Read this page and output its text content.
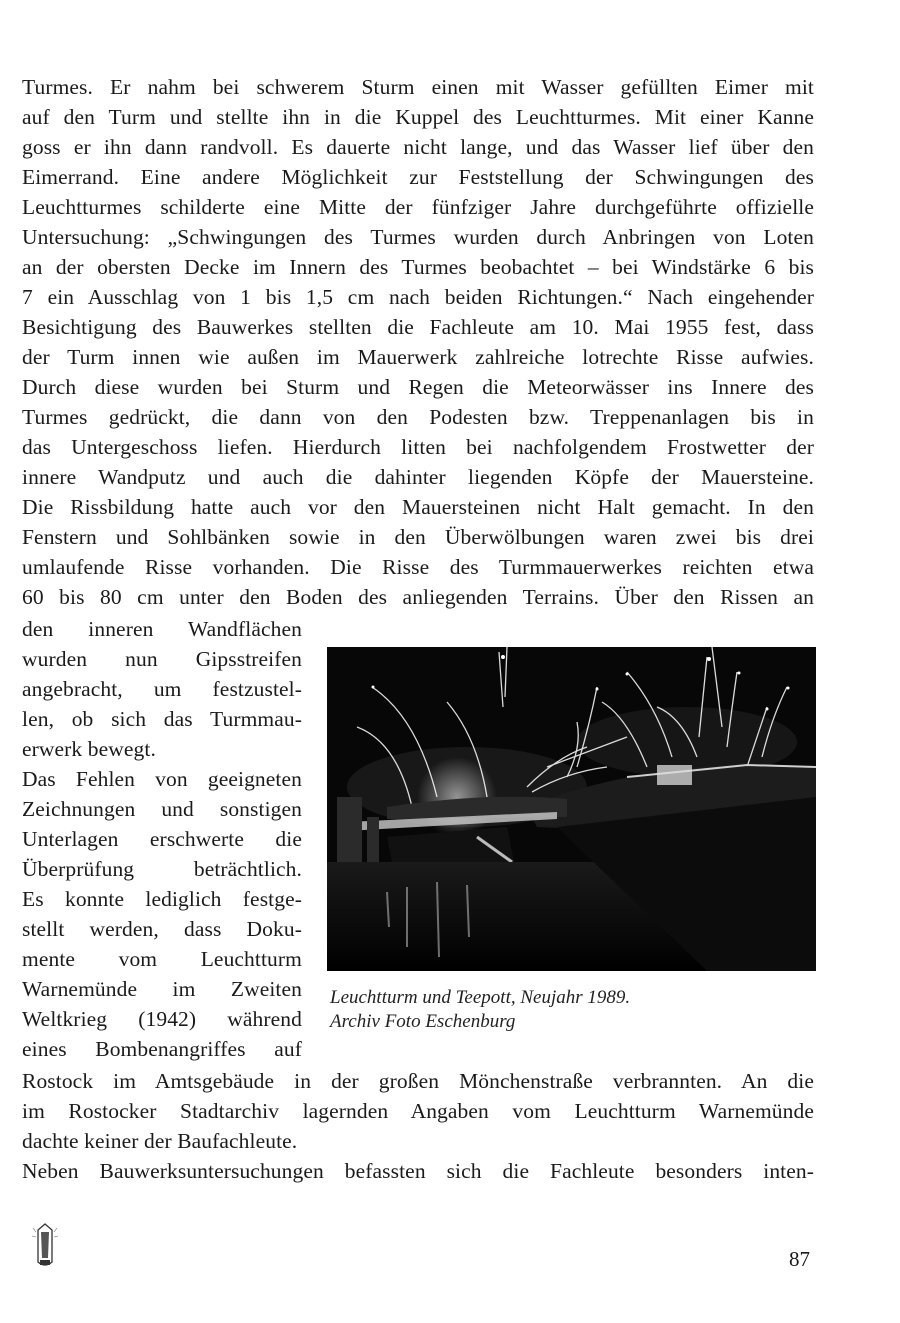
Turmes. Er nahm bei schwerem Sturm einen mit Wasser gefüllten Eimer mit
auf den Turm und stellte ihn in die Kuppel des Leuchtturmes. Mit einer Kanne
goss er ihn dann randvoll. Es dauerte nicht lange, und das Wasser lief über den
Eimerrand. Eine andere Möglichkeit zur Feststellung der Schwingungen des
Leuchtturmes schilderte eine Mitte der fünfziger Jahre durchgeführte offizielle
Untersuchung: „Schwingungen des Turmes wurden durch Anbringen von Loten
an der obersten Decke im Innern des Turmes beobachtet – bei Windstärke 6 bis
7 ein Ausschlag von 1 bis 1,5 cm nach beiden Richtungen.“ Nach eingehender
Besichtigung des Bauwerkes stellten die Fachleute am 10. Mai 1955 fest, dass
der Turm innen wie außen im Mauerwerk zahlreiche lotrechte Risse aufwies.
Durch diese wurden bei Sturm und Regen die Meteorwässer ins Innere des
Turmes gedrückt, die dann von den Podesten bzw. Treppenanlagen bis in
das Untergeschoss liefen. Hierdurch litten bei nachfolgendem Frostwetter der
innere Wandputz und auch die dahinter liegenden Köpfe der Mauersteine.
Die Rissbildung hatte auch vor den Mauersteinen nicht Halt gemacht. In den
Fenstern und Sohlbänken sowie in den Überwölbungen waren zwei bis drei
umlaufende Risse vorhanden. Die Risse des Turmmauerwerkes reichten etwa
60 bis 80 cm unter den Boden des anliegenden Terrains. Über den Rissen an
den inneren Wandflächen
wurden nun Gipsstreifen
angebracht, um festzustel-
len, ob sich das Turmmau-
erwerk bewegt.
Das Fehlen von geeigneten
Zeichnungen und sonstigen
Unterlagen erschwerte die
Überprüfung beträchtlich.
Es konnte lediglich festge-
stellt werden, dass Doku-
mente vom Leuchtturm
Warnemünde im Zweiten
Weltkrieg (1942) während
eines Bombenangriffes auf
Rostock im Amtsgebäude in der großen Mönchenstraße verbrannten. An die
im Rostocker Stadtarchiv lagernden Angaben vom Leuchtturm Warnemünde
dachte keiner der Baufachleute.
Neben Bauwerksuntersuchungen befassten sich die Fachleute besonders inten-
Leuchtturm und Teepott, Neujahr 1989.
Archiv Foto Eschenburg
87
